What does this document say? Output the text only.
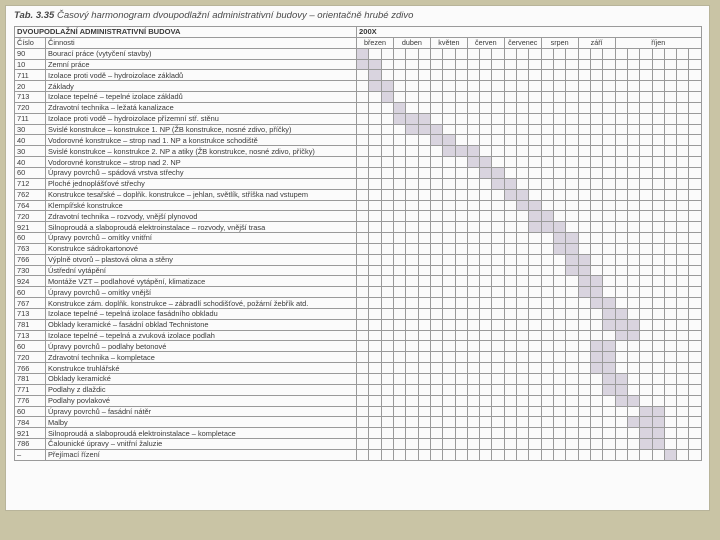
Tab. 3.35 Časový harmonogram dvoupodlažní administrativní budovy – orientačně hrubé zdivo
DVOUPODLAŽNÍ ADMINISTRATIVNÍ BUDOVA		200X																											
Číslo	Činnosti	březen			duben			květen			červen			červenec			srpen			září			říjen						
90	Bourací práce (vytyčení stavby)																												
10	Zemní práce																												
711	Izolace proti vodě – hydroizolace základů																												
20	Základy																												
713	Izolace tepelné – tepelné izolace základů																												
720	Zdravotní technika – ležatá kanalizace																												
711	Izolace proti vodě – hydroizolace přízemní stř. stěnu																												
30	Svislé konstrukce – konstrukce 1. NP (ŽB konstrukce, nosné zdivo, příčky)																												
40	Vodorovné konstrukce – strop nad 1. NP a konstrukce schodiště																												
30	Svislé konstrukce – konstrukce 2. NP a atiky (ŽB konstrukce, nosné zdivo, příčky)																												
40	Vodorovné konstrukce – strop nad 2. NP																												
60	Úpravy povrchů – spádová vrstva střechy																												
712	Ploché jednoplášťové střechy																												
762	Konstrukce tesařské – doplňk. konstrukce – jehlan, světlík, stříška nad vstupem																												
764	Klempířské konstrukce																												
720	Zdravotní technika – rozvody, vnější plynovod																												
921	Silnoproudá a slaboproudá elektroinstalace – rozvody, vnější trasa																												
60	Úpravy povrchů – omítky vnitřní																												
763	Konstrukce sádrokartonové																												
766	Výplně otvorů – plastová okna a stěny																												
730	Ústřední vytápění																												
924	Montáže VZT – podlahové vytápění, klimatizace																												
60	Úpravy povrchů – omítky vnější																												
767	Konstrukce zám. doplňk. konstrukce – zábradlí schodišťové, požární žebřík atd.																												
713	Izolace tepelné – tepelná izolace fasádního obkladu																												
781	Obklady keramické – fasádní obklad Technistone																												
713	Izolace tepelné – tepelná a zvuková izolace podlah																												
60	Úpravy povrchů – podlahy betonové																												
720	Zdravotní technika – kompletace																												
766	Konstrukce truhlářské																												
781	Obklady keramické																												
771	Podlahy z dlaždic																												
776	Podlahy povlakové																												
60	Úpravy povrchů – fasádní nátěr																												
784	Malby																												
921	Silnoproudá a slaboproudá elektroinstalace – kompletace																												
786	Čalounické úpravy – vnitřní žaluzie																												
–	Přejímací řízení																												
